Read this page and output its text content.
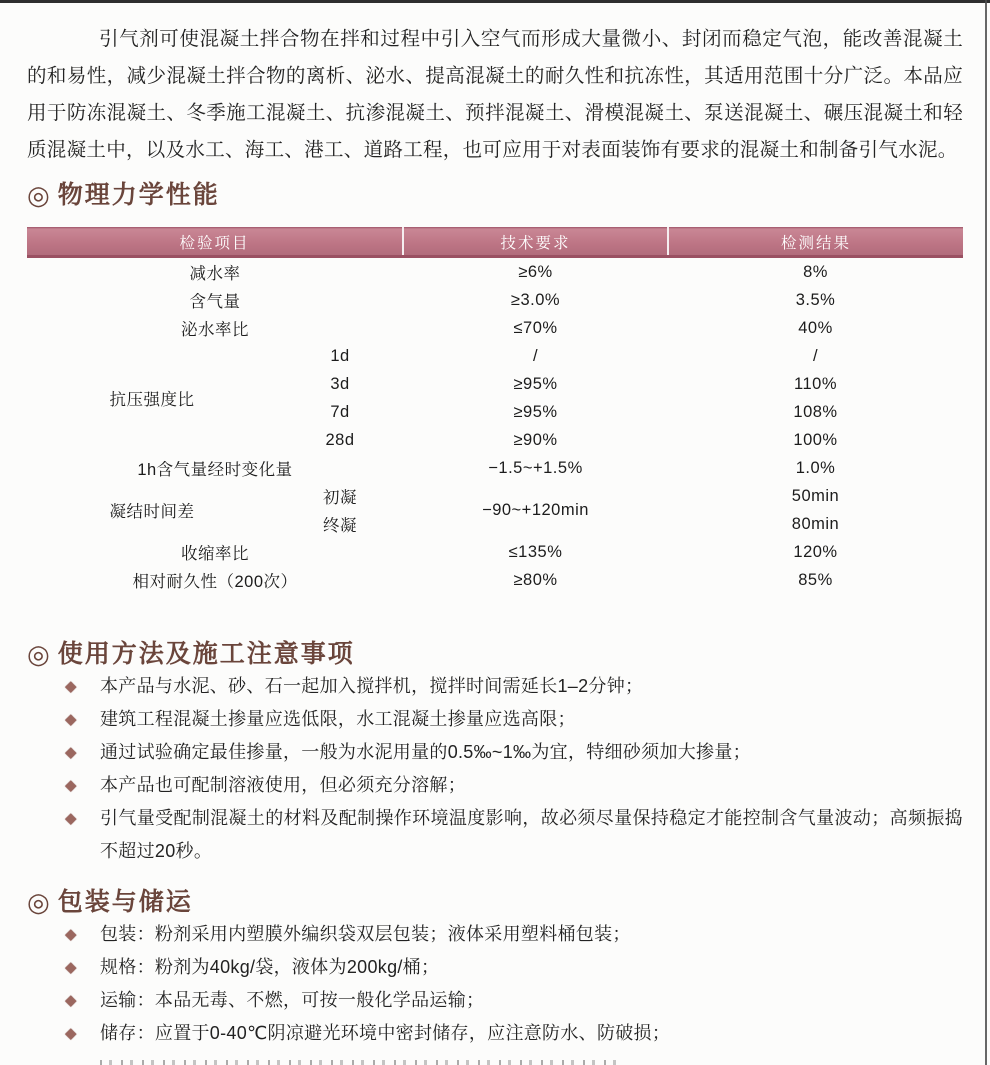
引气剂可使混凝土拌合物在拌和过程中引入空气而形成大量微小、封闭而稳定气泡，能改善混凝土的和易性，减少混凝土拌合物的离析、泌水、提高混凝土的耐久性和抗冻性，其适用范围十分广泛。本品应用于防冻混凝土、冬季施工混凝土、抗渗混凝土、预拌混凝土、滑模混凝土、泵送混凝土、碾压混凝土和轻质混凝土中，以及水工、海工、港工、道路工程，也可应用于对表面装饰有要求的混凝土和制备引气水泥。

◎ 物理力学性能
检验项目		技术要求	检测结果
减水率		≥6%	8%
含气量		≥3.0%	3.5%
泌水率比		≤70%	40%
抗压强度比	1d	/	/
	3d	≥95%	110%
	7d	≥95%	108%
	28d	≥90%	100%
1h含气量经时变化量		−1.5~+1.5%	1.0%
凝结时间差	初凝	−90~+120min	50min
	终凝		80min
收缩率比		≤135%	120%
相对耐久性（200次）		≥80%	85%
◎ 使用方法及施工注意事项
◆ 本产品与水泥、砂、石一起加入搅拌机，搅拌时间需延长1–2分钟；
◆ 建筑工程混凝土掺量应选低限，水工混凝土掺量应选高限；
◆ 通过试验确定最佳掺量，一般为水泥用量的0.5‰~1‰为宜，特细砂须加大掺量；
◆ 本产品也可配制溶液使用，但必须充分溶解；
◆ 引气量受配制混凝土的材料及配制操作环境温度影响，故必须尽量保持稳定才能控制含气量波动；高频振捣不超过20秒。
◎ 包装与储运
◆ 包装：粉剂采用内塑膜外编织袋双层包装；液体采用塑料桶包装；
◆ 规格：粉剂为40kg/袋，液体为200kg/桶；
◆ 运输：本品无毒、不燃，可按一般化学品运输；
◆ 储存：应置于0-40℃阴凉避光环境中密封储存，应注意防水、防破损；
